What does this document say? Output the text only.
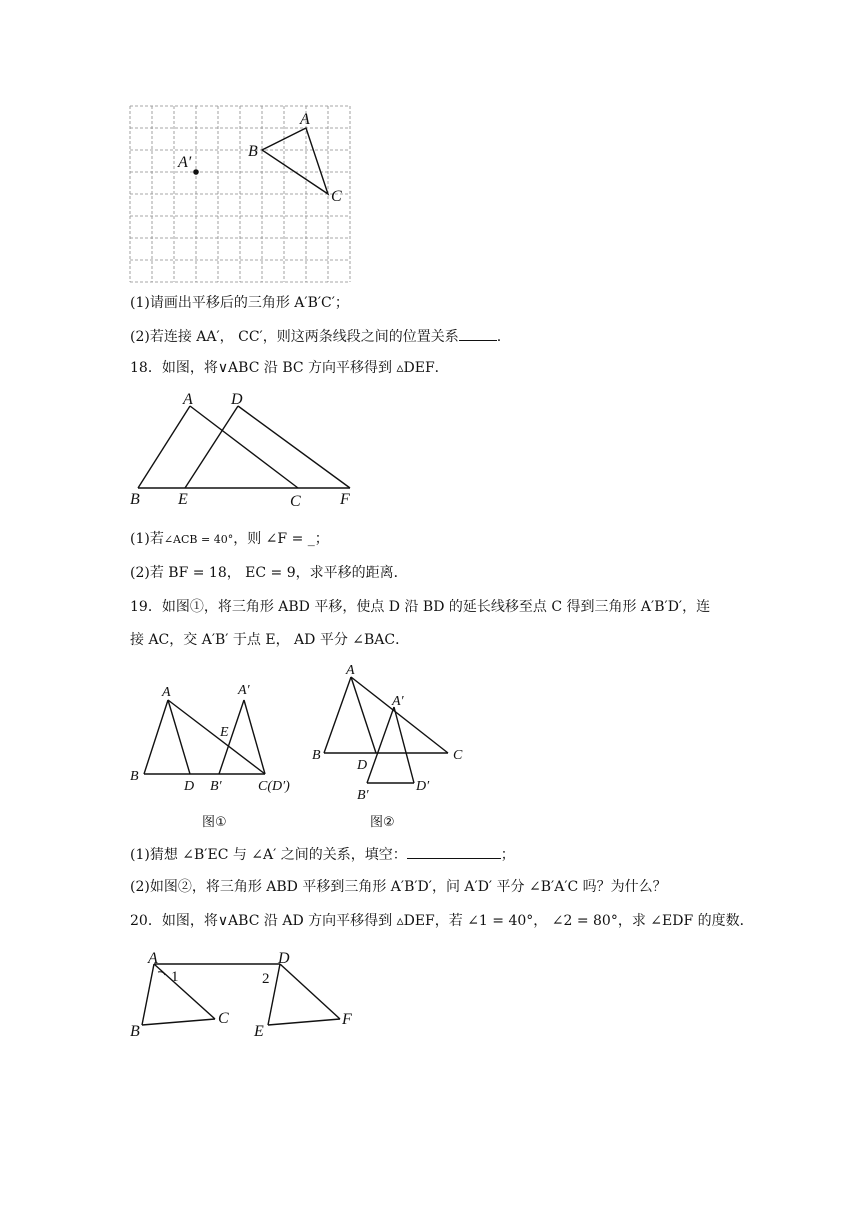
A
B
C
A′
(1)请画出平移后的三角形 A′B′C′；
(2)若连接 AA′， CC′，则这两条线段之间的位置关系	.
18．如图，将∨ABC 沿 BC 方向平移得到 ▵DEF．
A D
B E	C F
(1)若∠ACB = 40°，则 ∠F = _；
(2)若 BF = 18， EC = 9，求平移的距离．
19．如图①，将三角形 ABD 平移，使点 D 沿 BD 的延长线移至点 C 得到三角形 A′B′D′，连
接 AC，交 A′B′ 于点 E， AD 平分 ∠BAC．
A	A′
E
B
D B′	C(D′)
图①
A
A′
B	C
D
D′
B′
图②
(1)猜想 ∠B′EC 与 ∠A′ 之间的关系，填空：	；
(2)如图②，将三角形 ABD 平移到三角形 A′B′D′，问 A′D′ 平分 ∠B′A′C 吗？为什么？
20．如图，将∨ABC 沿 AD 方向平移得到 ▵DEF，若 ∠1 = 40°， ∠2 = 80°，求 ∠EDF 的度数．
A
1
D
2
B
C
E
F
